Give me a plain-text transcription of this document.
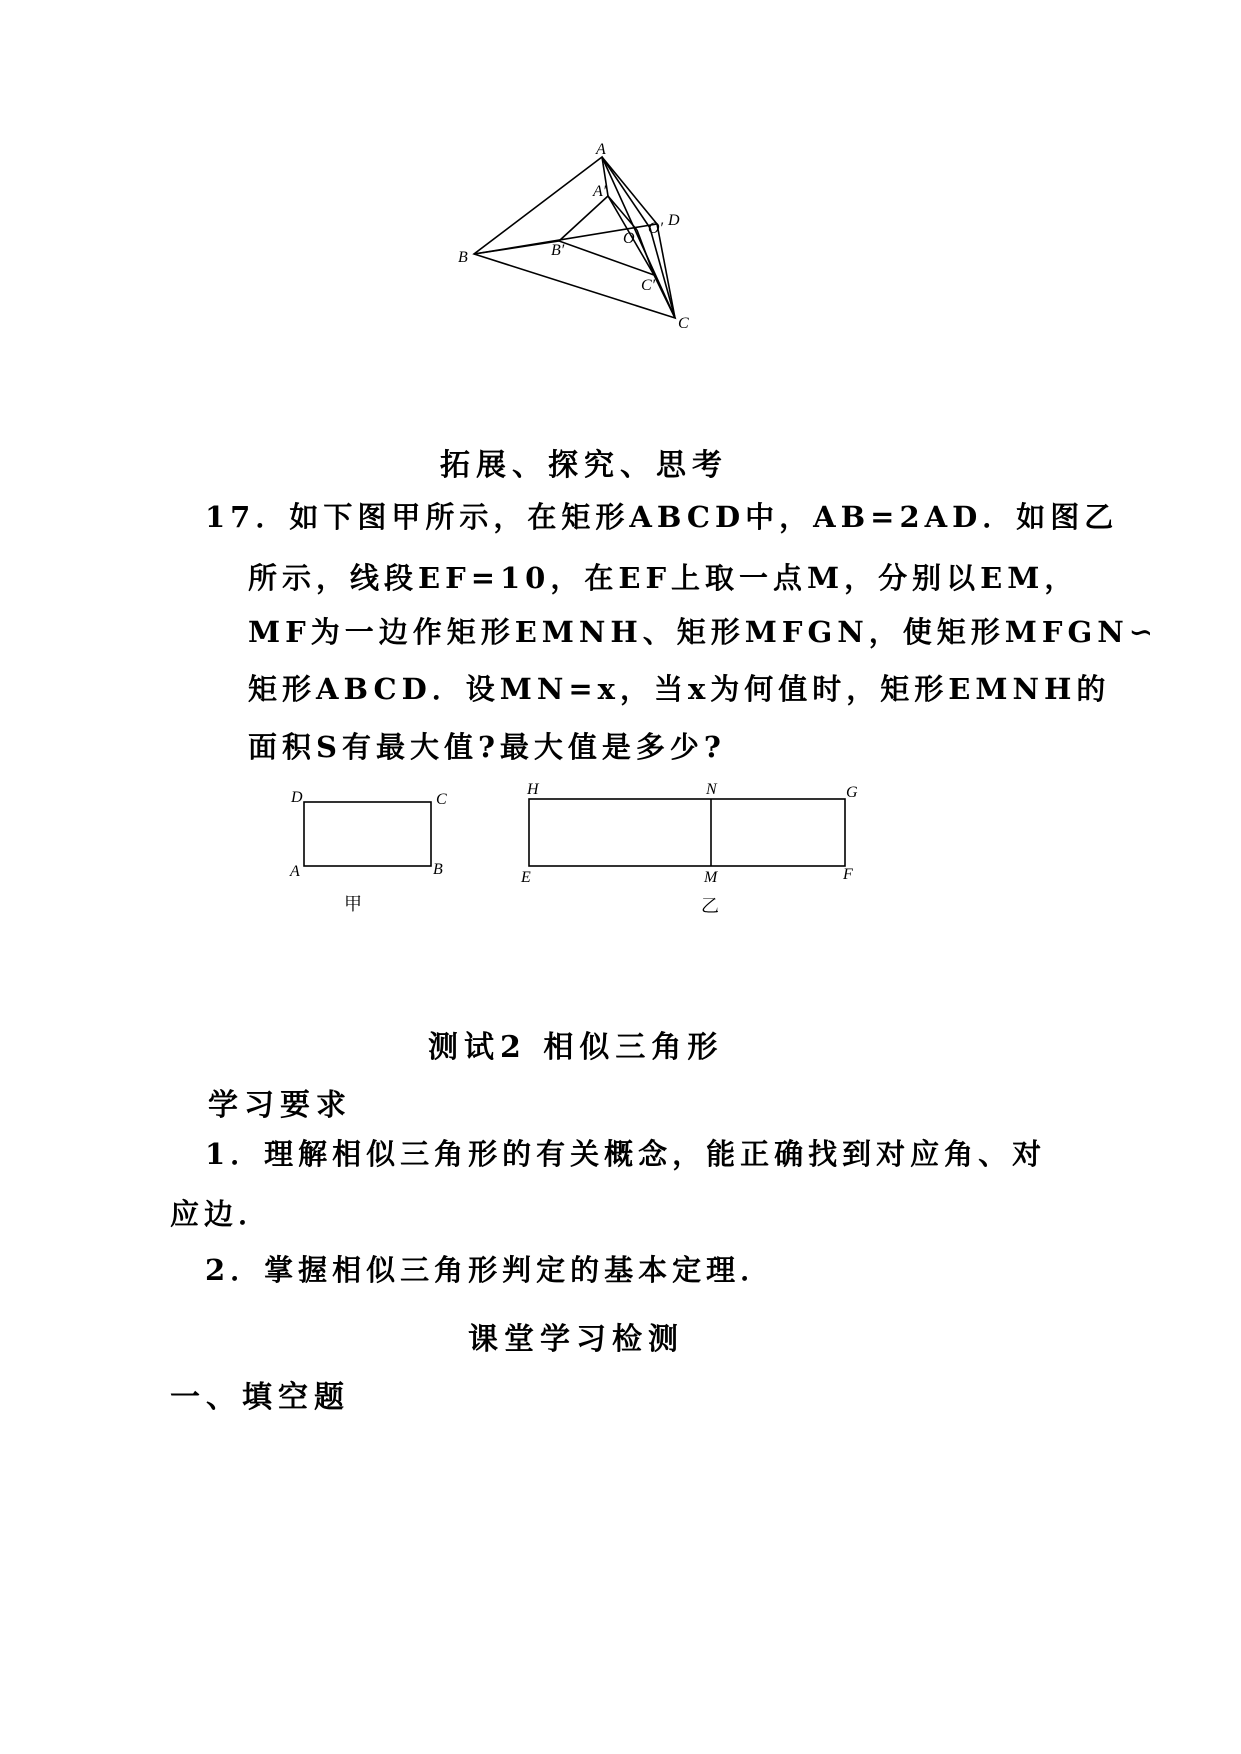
A
A′
B	B′
O
O′ D
C′
C
拓展、探究、思考
17．如下图甲所示，在矩形ABCD中，AB=2AD．如图乙
所示，线段EF=10，在EF上取一点M，分别以EM，
MF为一边作矩形EMNH、矩形MFGN，使矩形MFGN∽
矩形ABCD．设MN=x，当x为何值时，矩形EMNH的
面积S有最大值?最大值是多少?
D	C
A	B
甲
H	N	G
E	M	F
乙
测试2 相似三角形
学习要求
1．理解相似三角形的有关概念，能正确找到对应角、对
应边．
2．掌握相似三角形判定的基本定理．
课堂学习检测
一、填空题
